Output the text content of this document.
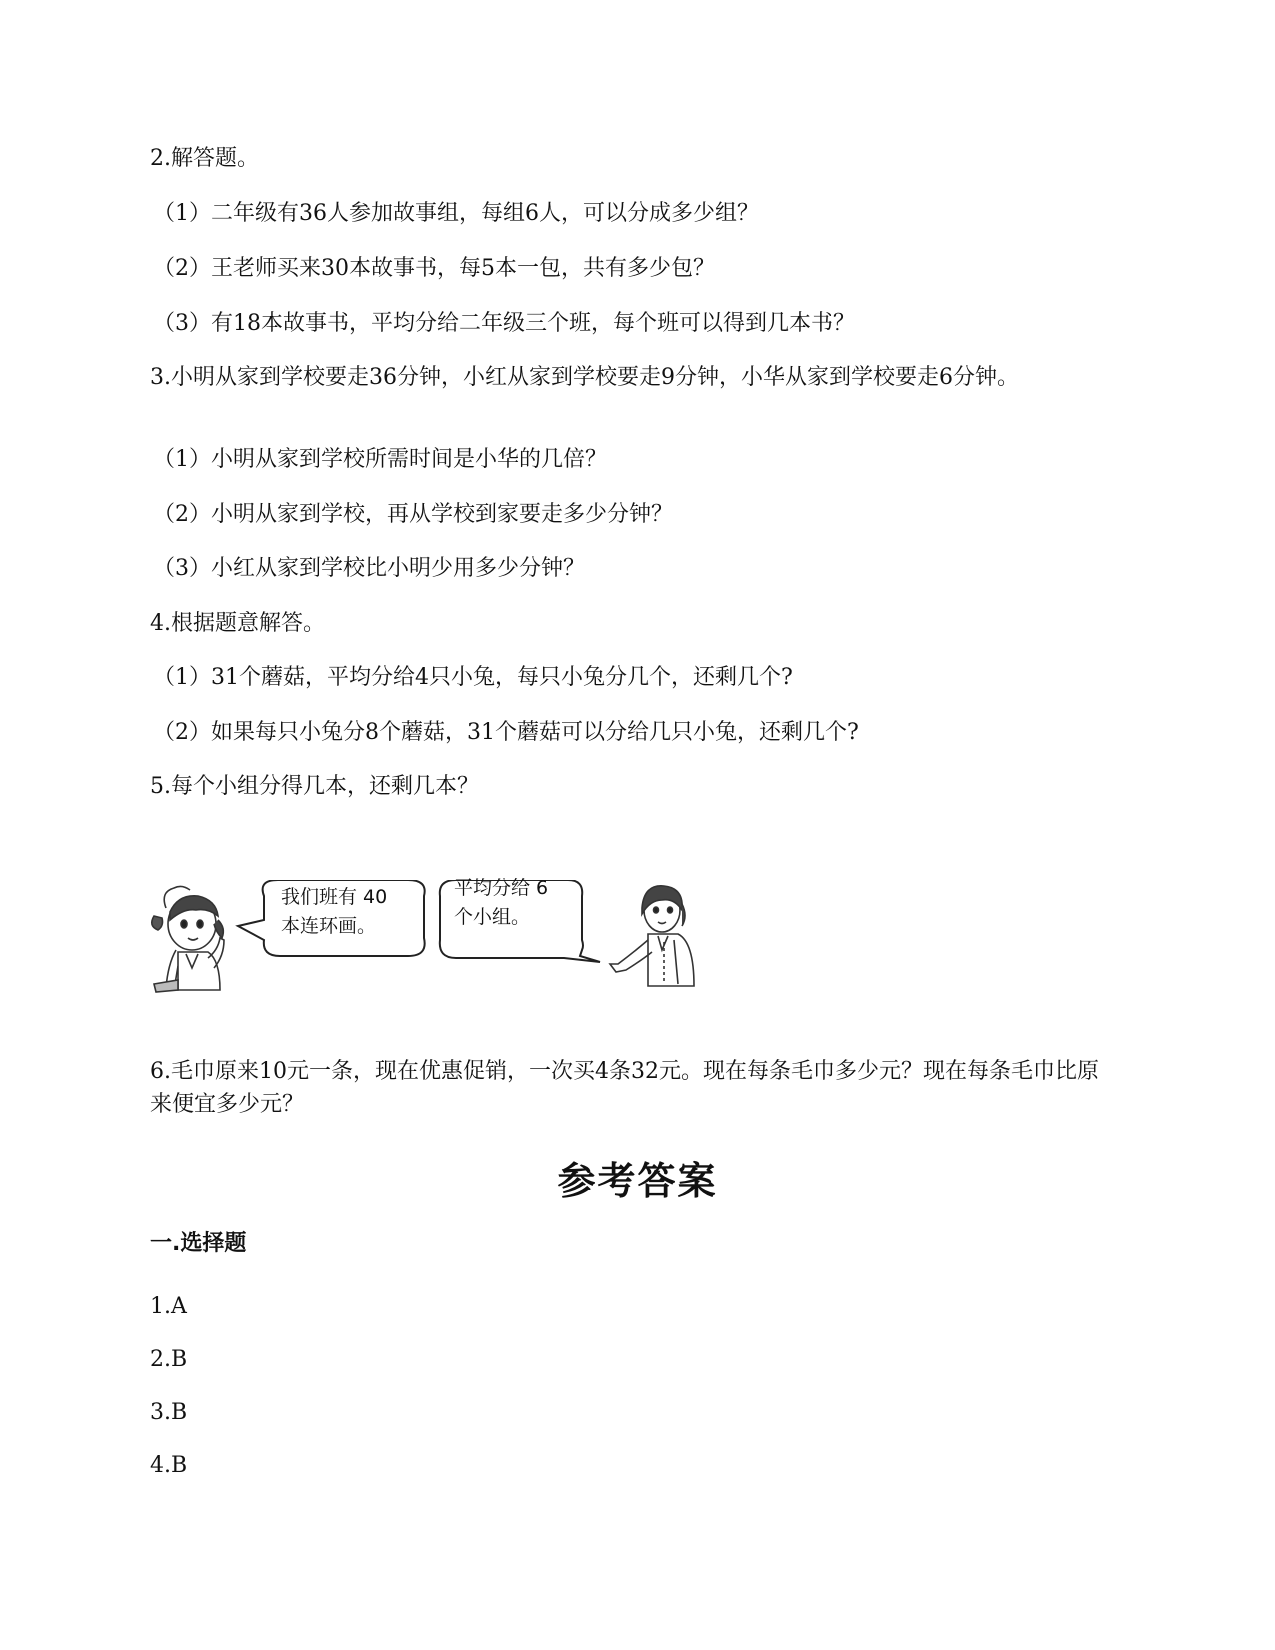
2.解答题。
（1）二年级有36人参加故事组，每组6人，可以分成多少组？
（2）王老师买来30本故事书，每5本一包，共有多少包？
（3）有18本故事书，平均分给二年级三个班，每个班可以得到几本书？
3.小明从家到学校要走36分钟，小红从家到学校要走9分钟，小华从家到学校要走6分钟。
（1）小明从家到学校所需时间是小华的几倍？
（2）小明从家到学校，再从学校到家要走多少分钟？
（3）小红从家到学校比小明少用多少分钟？
4.根据题意解答。
（1）31个蘑菇，平均分给4只小兔，每只小兔分几个，还剩几个?
（2）如果每只小兔分8个蘑菇，31个蘑菇可以分给几只小兔，还剩几个?
5.每个小组分得几本，还剩几本？
我们班有 40
本连环画。
平均分给 6
个小组。
6.毛巾原来10元一条，现在优惠促销，一次买4条32元。现在每条毛巾多少元？现在每条毛巾比原来便宜多少元？
参考答案
一.选择题
1.A
2.B
3.B
4.B
